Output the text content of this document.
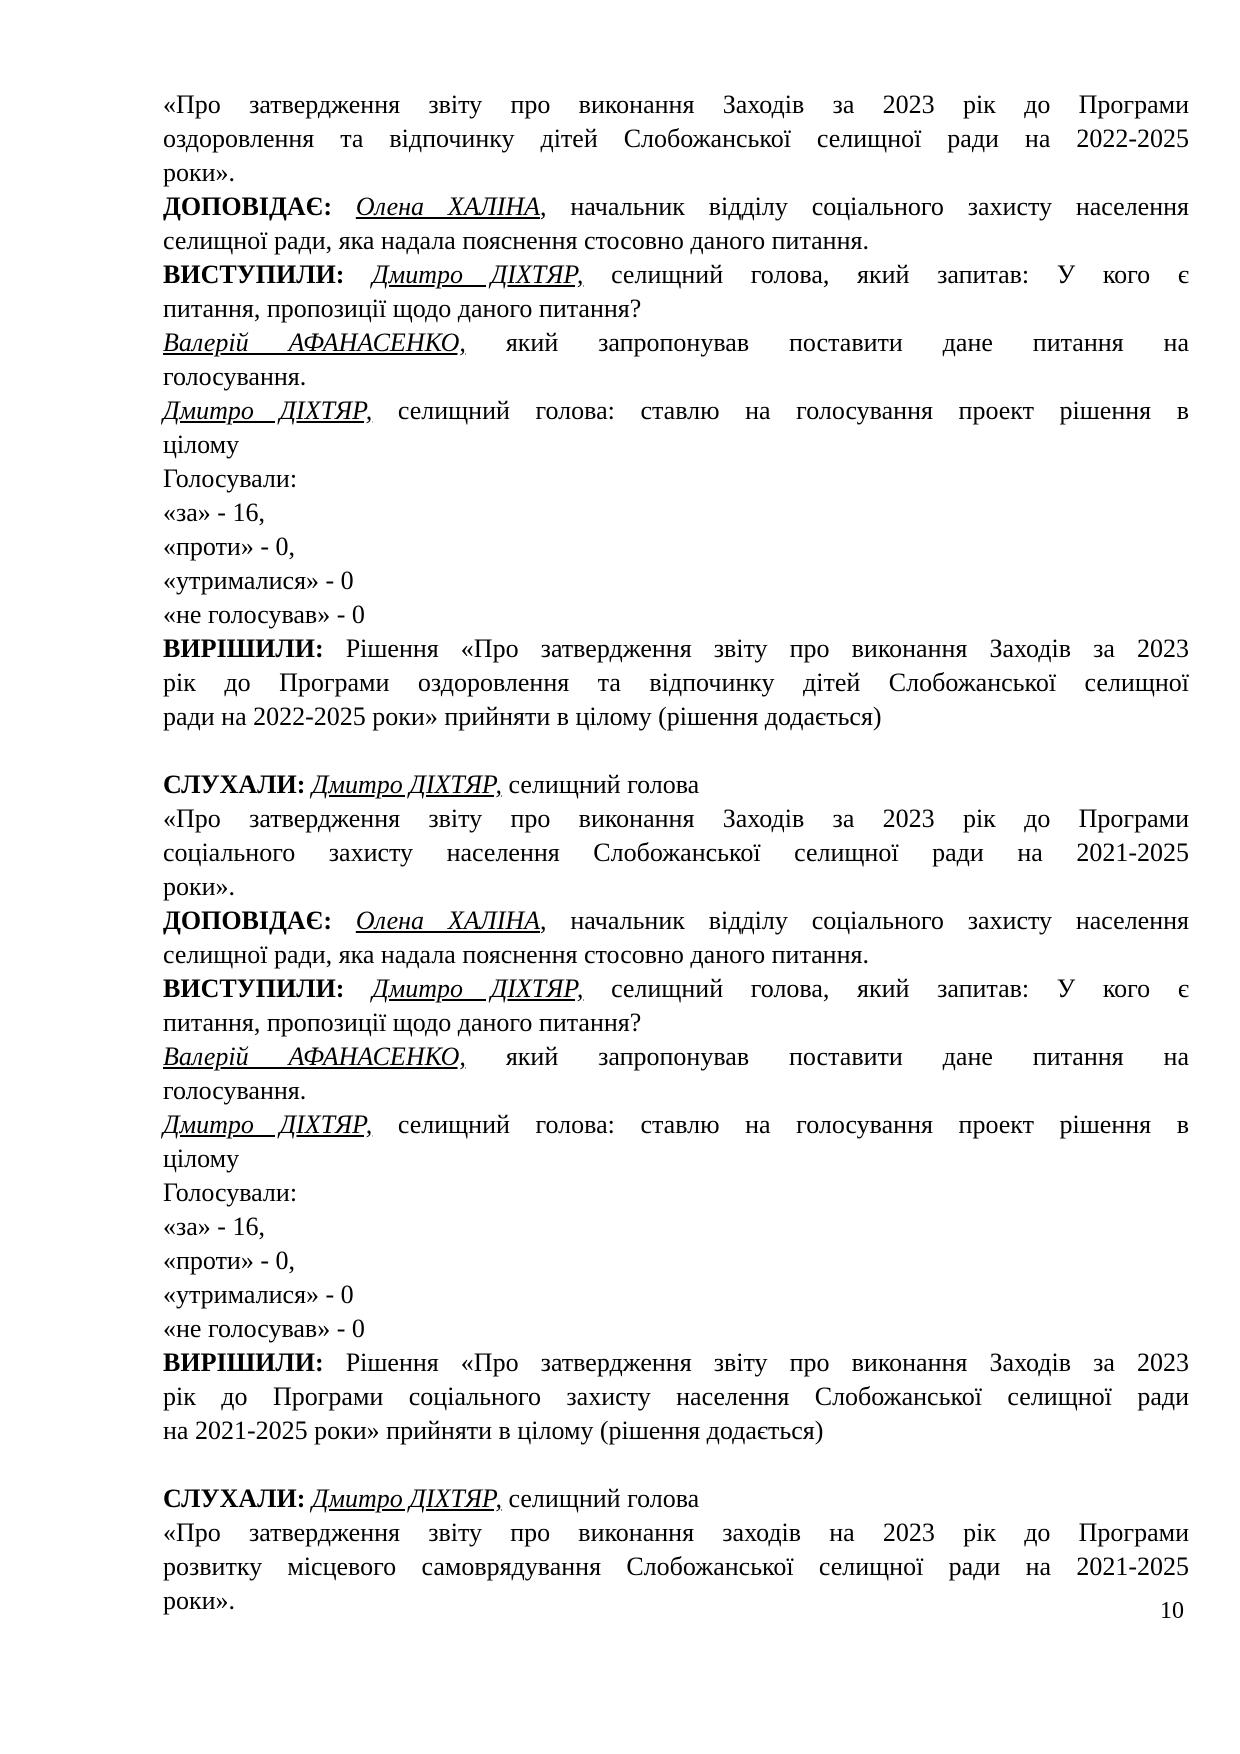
«Про затвердження звіту про виконання Заходів за 2023 рік до Програми

оздоровлення та відпочинку дітей Слобожанської селищної ради на 2022-2025

роки».

ДОПОВІДАЄ: Олена ХАЛІНА, начальник відділу соціального захисту населення

селищної ради, яка надала пояснення стосовно даного питання.

ВИСТУПИЛИ: Дмитро ДІХТЯР, селищний голова, який запитав: У кого є

питання, пропозиції щодо даного питання?

Валерій АФАНАСЕНКО, який запропонував поставити дане питання на

голосування.

Дмитро ДІХТЯР, селищний голова: ставлю на голосування проект рішення в

цілому

Голосували:

«за» - 16,

«проти» - 0,

«утрималися» - 0

«не голосував» - 0

ВИРІШИЛИ: Рішення «Про затвердження звіту про виконання Заходів за 2023

рік до Програми оздоровлення та відпочинку дітей Слобожанської селищної

ради на 2022-2025 роки» прийняти в цілому (рішення додається)

СЛУХАЛИ: Дмитро ДІХТЯР, селищний голова

«Про затвердження звіту про виконання Заходів за 2023 рік до Програми

соціального захисту населення Слобожанської селищної ради на 2021-2025

роки».

ДОПОВІДАЄ: Олена ХАЛІНА, начальник відділу соціального захисту населення

селищної ради, яка надала пояснення стосовно даного питання.

ВИСТУПИЛИ: Дмитро ДІХТЯР, селищний голова, який запитав: У кого є

питання, пропозиції щодо даного питання?

Валерій АФАНАСЕНКО, який запропонував поставити дане питання на

голосування.

Дмитро ДІХТЯР, селищний голова: ставлю на голосування проект рішення в

цілому

Голосували:

«за» - 16,

«проти» - 0,

«утрималися» - 0

«не голосував» - 0

ВИРІШИЛИ: Рішення «Про затвердження звіту про виконання Заходів за 2023

рік до Програми соціального захисту населення Слобожанської селищної ради

на 2021-2025 роки» прийняти в цілому (рішення додається)

СЛУХАЛИ: Дмитро ДІХТЯР, селищний голова

«Про затвердження звіту про виконання заходів на 2023 рік до Програми

розвитку місцевого самоврядування Слобожанської селищної ради на 2021-2025

роки».	10
